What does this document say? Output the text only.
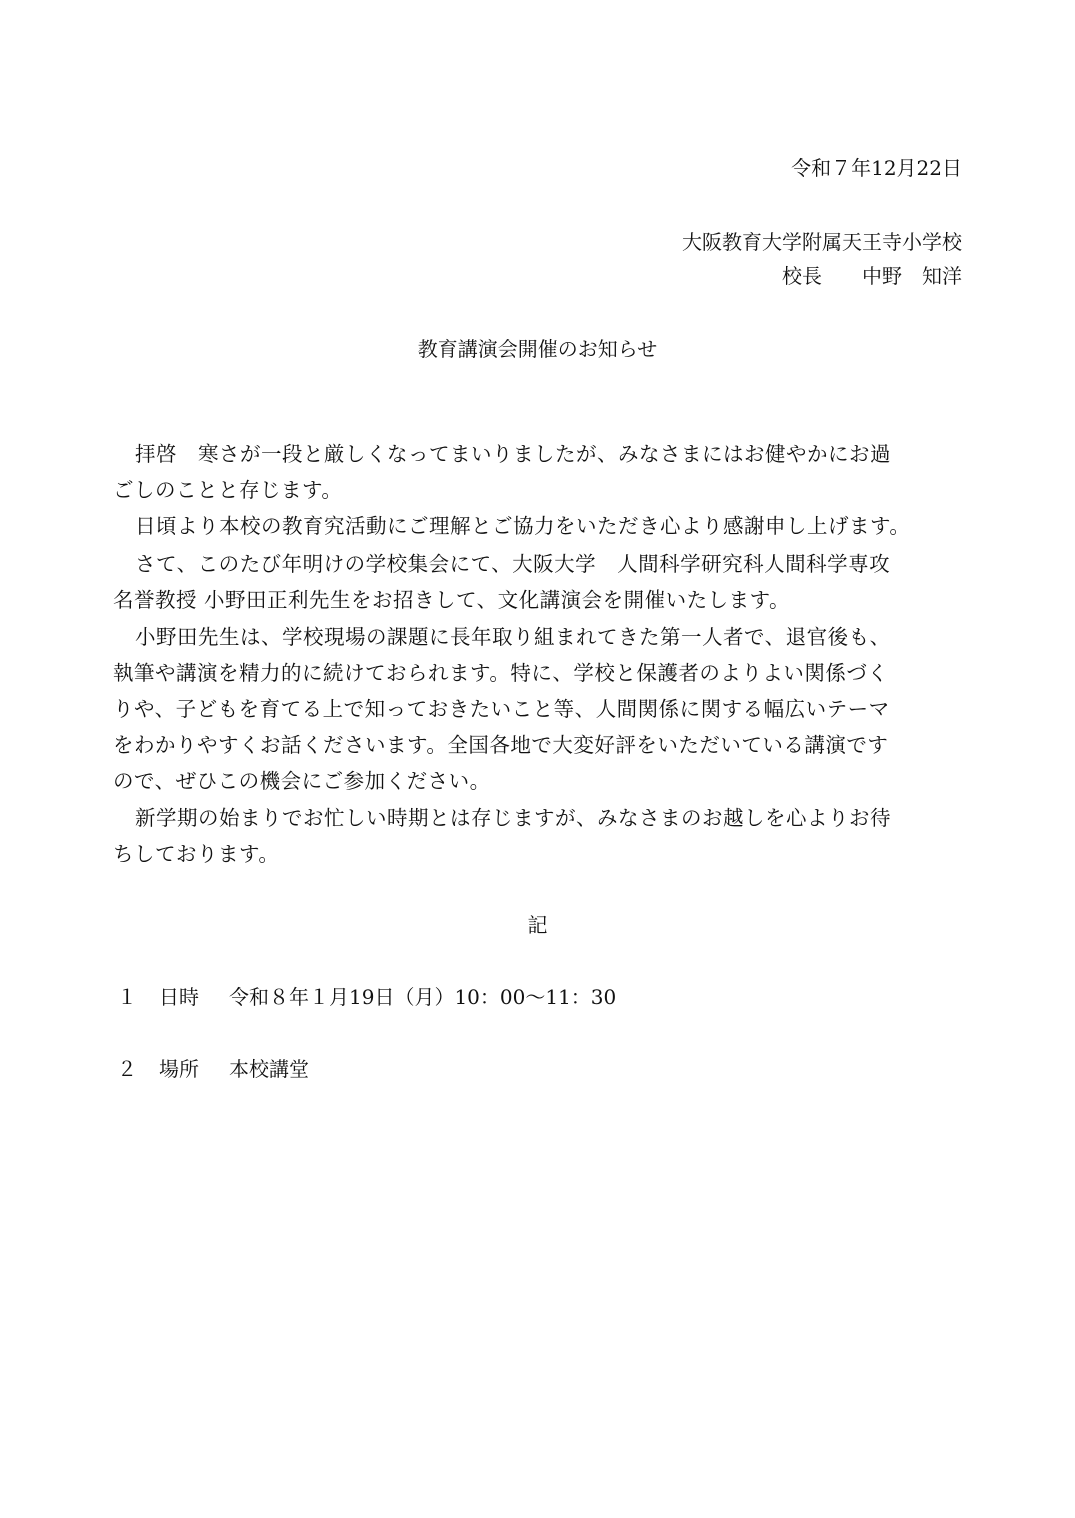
令和７年12月22日
大阪教育大学附属天王寺小学校
校長　　中野　知洋
教育講演会開催のお知らせ
拝啓　寒さが一段と厳しくなってまいりましたが、みなさまにはお健やかにお過
ごしのことと存じます。
日頃より本校の教育究活動にご理解とご協力をいただき心より感謝申し上げます。
さて、このたび年明けの学校集会にて、大阪大学　人間科学研究科人間科学専攻
名誉教授 小野田正利先生をお招きして、文化講演会を開催いたします。
小野田先生は、学校現場の課題に長年取り組まれてきた第一人者で、退官後も、
執筆や講演を精力的に続けておられます。特に、学校と保護者のよりよい関係づく
りや、子どもを育てる上で知っておきたいこと等、人間関係に関する幅広いテーマ
をわかりやすくお話くださいます。全国各地で大変好評をいただいている講演です
ので、ぜひこの機会にご参加ください。
新学期の始まりでお忙しい時期とは存じますが、みなさまのお越しを心よりお待
ちしております。
記
１ 日時 令和８年１月19日（月）10：00～11：30
２ 場所 本校講堂
